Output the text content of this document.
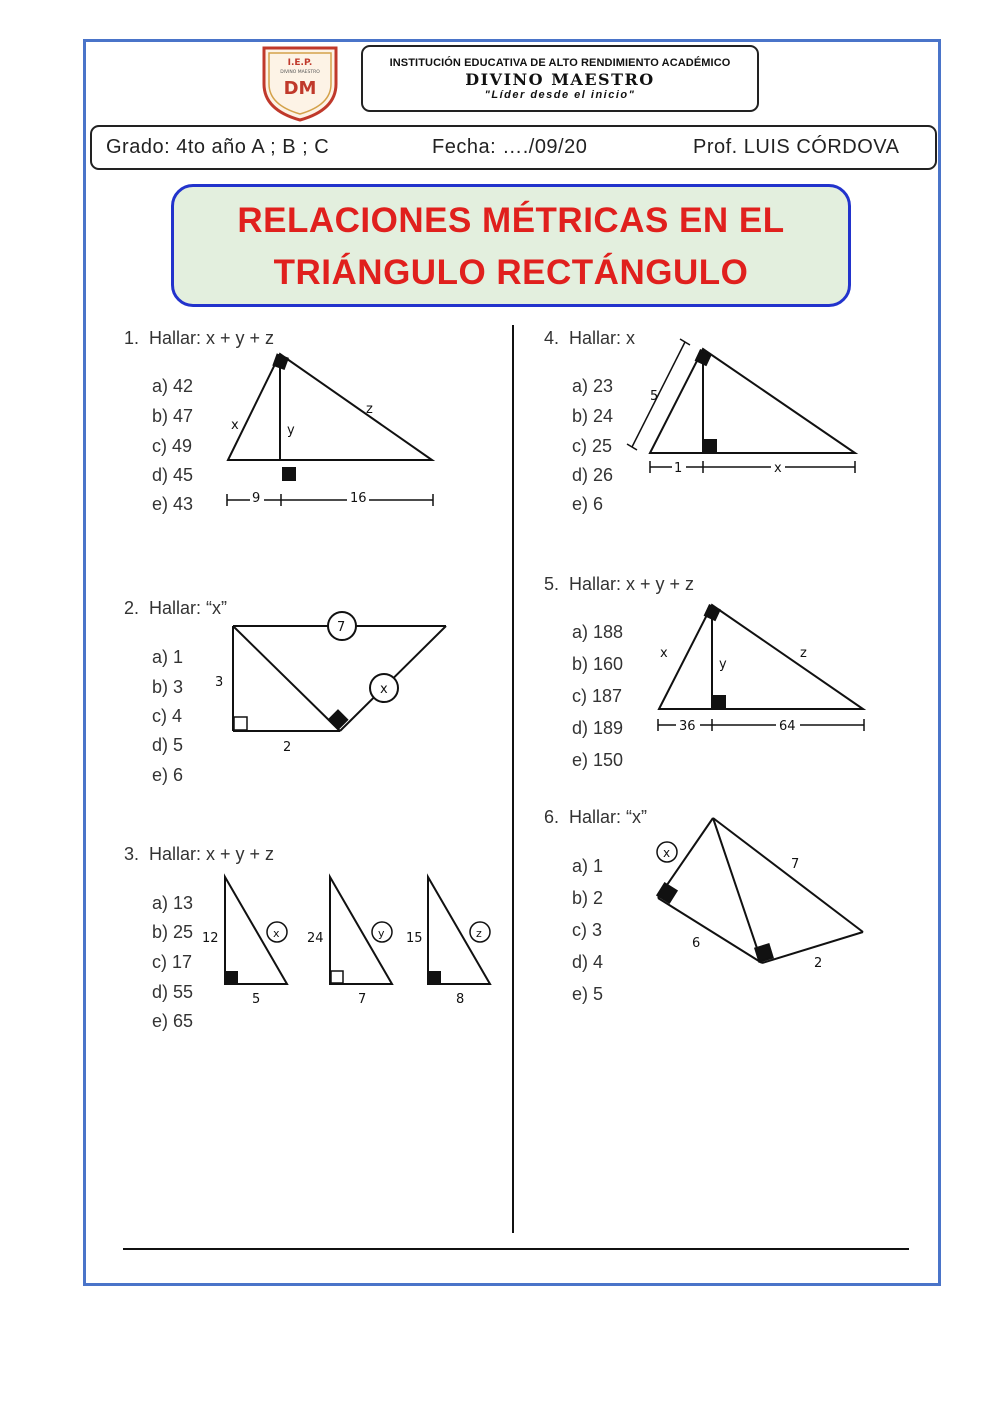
I.E.P.
DIVINO MAESTRO
DM
INSTITUCIÓN EDUCATIVA DE ALTO RENDIMIENTO ACADÉMICO
DIVINO MAESTRO
"Líder desde el inicio"
Grado: 4to año A ; B ; C	Fecha: …./09/20	Prof. LUIS CÓRDOVA
RELACIONES MÉTRICAS EN EL
TRIÁNGULO RECTÁNGULO
1. Hallar: x + y + z
a) 42
b) 47
c) 49
d) 45
e) 43
2. Hallar: “x”
a) 1
b) 3
c) 4
d) 5
e) 6
3. Hallar: x + y + z
a) 13
b) 25
c) 17
d) 55
e) 65
4. Hallar: x
a) 23
b) 24
c) 25
d) 26
e) 6
5. Hallar: x + y + z
a) 188
b) 160
c) 187
d) 189
e) 150
6. Hallar: “x”
a) 1
b) 2
c) 3
d) 4
e) 5
x	y
z
9	16
7
x
3
2
12	x
5
24	y
7
15	z
8
5
1	x
x
y
z
36	64
x
7
6
2
